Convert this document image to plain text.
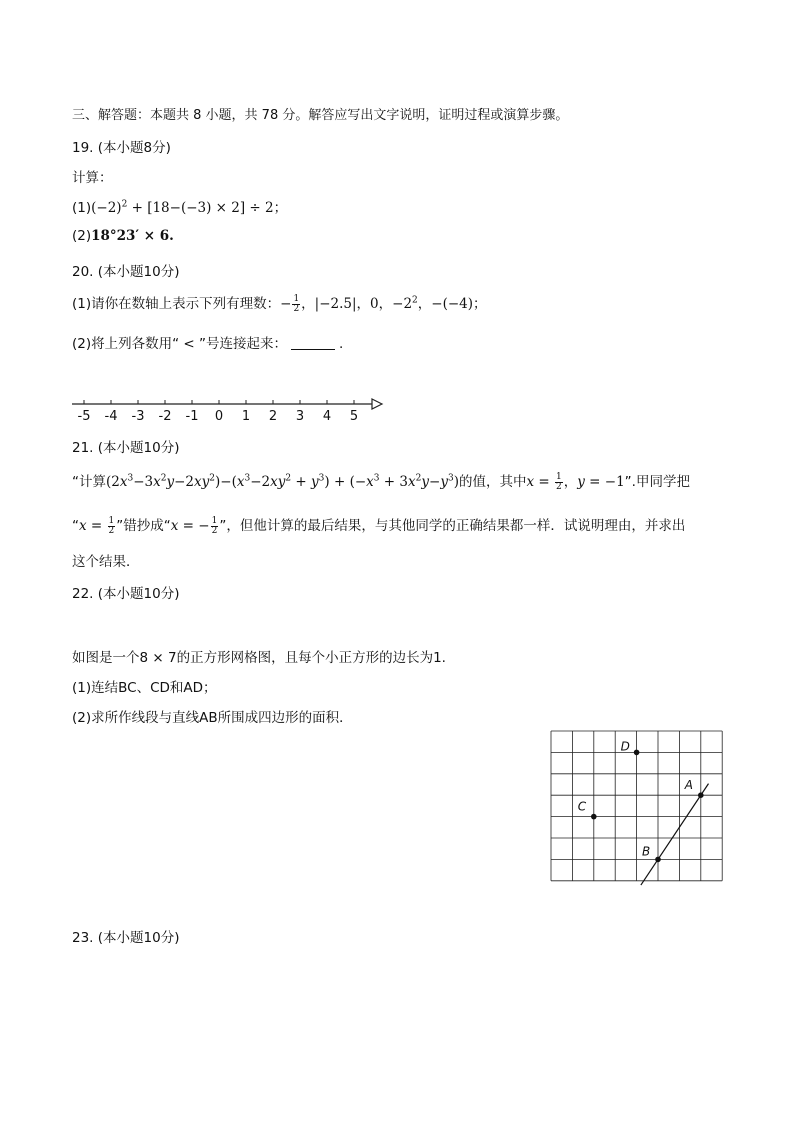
三、解答题：本题共 8 小题，共 78 分。解答应写出文字说明，证明过程或演算步骤。
19. (本小题8分)
计算：
$(1)(-2)^2 + [18-(-3) \times 2] \div 2$；
(2)18°23′ × 6.
20. (本小题10分)
(1)请你在数轴上表示下列有理数：− $\frac{1}{2}$ ，|−2.5|，0，$-2^2$，−(−4)；
(2)将上列各数用“ < ”号连接起来：	.
-5 -4 -3 -2 -1 0 1 2 3 4 5
21. (本小题10分)
“计算$(2x^3-3x^2y-2xy^2)-(x^3-2xy^2 + y^3) + (-x^3 + 3x^2y-y^3)$的值，其中$x = \frac{1}{2}$ ，y = −1”.甲同学把
“$x = \frac{1}{2}$ ”错抄成“x = − $\frac{1}{2}$ ”，但他计算的最后结果，与其他同学的正确结果都一样．试说明理由，并求出
这个结果．
22. (本小题10分)
如图是一个8 × 7的正方形网格图，且每个小正方形的边长为1.
(1)连结BC、CD和AD；
(2)求所作线段与直线AB所围成四边形的面积．
D
A
C
B
23. (本小题10分)
